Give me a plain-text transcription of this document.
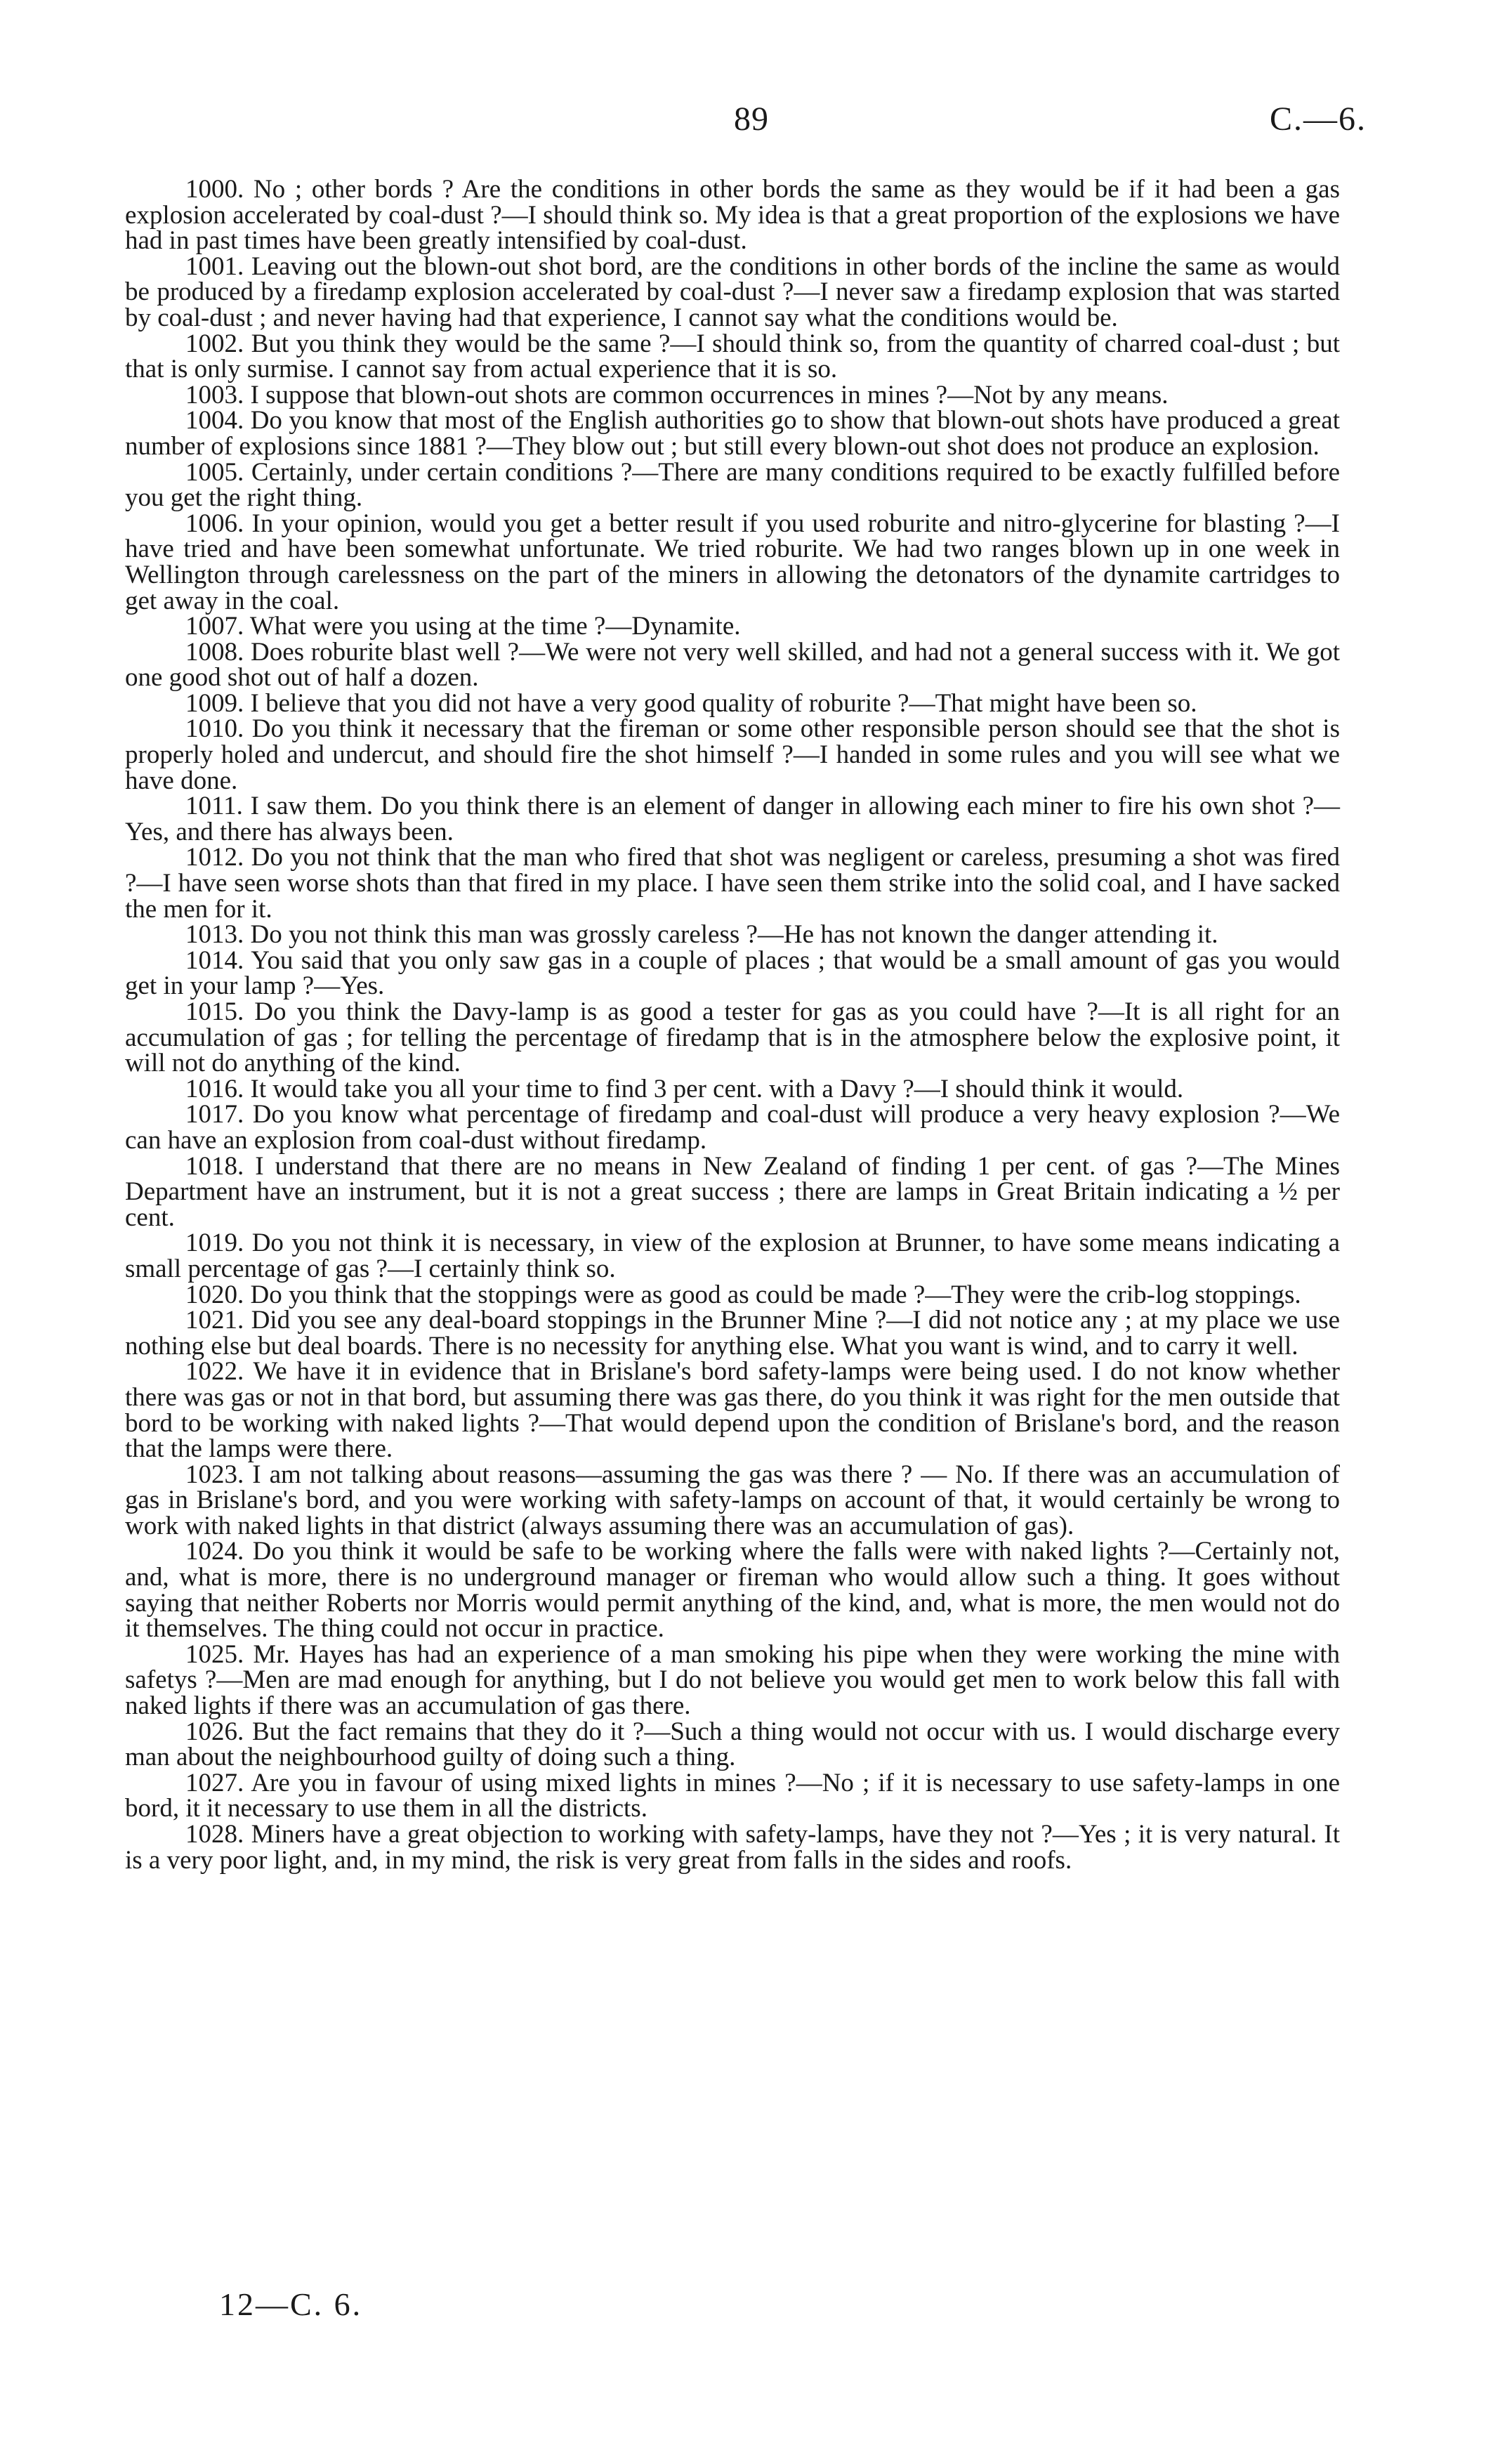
89	C.—6.

1000. No ; other bords ? Are the conditions in other bords the same as they would be if it had been a gas explosion accelerated by coal-dust ?—I should think so. My idea is that a great proportion of the explosions we have had in past times have been greatly intensified by coal-dust.

1001. Leaving out the blown-out shot bord, are the conditions in other bords of the incline the same as would be produced by a firedamp explosion accelerated by coal-dust ?—I never saw a firedamp explosion that was started by coal-dust ; and never having had that experience, I cannot say what the conditions would be.

1002. But you think they would be the same ?—I should think so, from the quantity of charred coal-dust ; but that is only surmise. I cannot say from actual experience that it is so.

1003. I suppose that blown-out shots are common occurrences in mines ?—Not by any means.

1004. Do you know that most of the English authorities go to show that blown-out shots have produced a great number of explosions since 1881 ?—They blow out ; but still every blown-out shot does not produce an explosion.

1005. Certainly, under certain conditions ?—There are many conditions required to be exactly fulfilled before you get the right thing.

1006. In your opinion, would you get a better result if you used roburite and nitro-glycerine for blasting ?—I have tried and have been somewhat unfortunate. We tried roburite. We had two ranges blown up in one week in Wellington through carelessness on the part of the miners in allowing the detonators of the dynamite cartridges to get away in the coal.

1007. What were you using at the time ?—Dynamite.

1008. Does roburite blast well ?—We were not very well skilled, and had not a general success with it. We got one good shot out of half a dozen.

1009. I believe that you did not have a very good quality of roburite ?—That might have been so.

1010. Do you think it necessary that the fireman or some other responsible person should see that the shot is properly holed and undercut, and should fire the shot himself ?—I handed in some rules and you will see what we have done.

1011. I saw them. Do you think there is an element of danger in allowing each miner to fire his own shot ?—Yes, and there has always been.

1012. Do you not think that the man who fired that shot was negligent or careless, presuming a shot was fired ?—I have seen worse shots than that fired in my place. I have seen them strike into the solid coal, and I have sacked the men for it.

1013. Do you not think this man was grossly careless ?—He has not known the danger attending it.

1014. You said that you only saw gas in a couple of places ; that would be a small amount of gas you would get in your lamp ?—Yes.

1015. Do you think the Davy-lamp is as good a tester for gas as you could have ?—It is all right for an accumulation of gas ; for telling the percentage of firedamp that is in the atmosphere below the explosive point, it will not do anything of the kind.

1016. It would take you all your time to find 3 per cent. with a Davy ?—I should think it would.

1017. Do you know what percentage of firedamp and coal-dust will produce a very heavy explosion ?—We can have an explosion from coal-dust without firedamp.

1018. I understand that there are no means in New Zealand of finding 1 per cent. of gas ?—The Mines Department have an instrument, but it is not a great success ; there are lamps in Great Britain indicating a ½ per cent.

1019. Do you not think it is necessary, in view of the explosion at Brunner, to have some means indicating a small percentage of gas ?—I certainly think so.

1020. Do you think that the stoppings were as good as could be made ?—They were the crib-log stoppings.

1021. Did you see any deal-board stoppings in the Brunner Mine ?—I did not notice any ; at my place we use nothing else but deal boards. There is no necessity for anything else. What you want is wind, and to carry it well.

1022. We have it in evidence that in Brislane's bord safety-lamps were being used. I do not know whether there was gas or not in that bord, but assuming there was gas there, do you think it was right for the men outside that bord to be working with naked lights ?—That would depend upon the condition of Brislane's bord, and the reason that the lamps were there.

1023. I am not talking about reasons—assuming the gas was there ? — No. If there was an accumulation of gas in Brislane's bord, and you were working with safety-lamps on account of that, it would certainly be wrong to work with naked lights in that district (always assuming there was an accumulation of gas).

1024. Do you think it would be safe to be working where the falls were with naked lights ?—Certainly not, and, what is more, there is no underground manager or fireman who would allow such a thing. It goes without saying that neither Roberts nor Morris would permit anything of the kind, and, what is more, the men would not do it themselves. The thing could not occur in practice.

1025. Mr. Hayes has had an experience of a man smoking his pipe when they were working the mine with safetys ?—Men are mad enough for anything, but I do not believe you would get men to work below this fall with naked lights if there was an accumulation of gas there.

1026. But the fact remains that they do it ?—Such a thing would not occur with us. I would discharge every man about the neighbourhood guilty of doing such a thing.

1027. Are you in favour of using mixed lights in mines ?—No ; if it is necessary to use safety-lamps in one bord, it it necessary to use them in all the districts.

1028. Miners have a great objection to working with safety-lamps, have they not ?—Yes ; it is very natural. It is a very poor light, and, in my mind, the risk is very great from falls in the sides and roofs.

12—C. 6.
